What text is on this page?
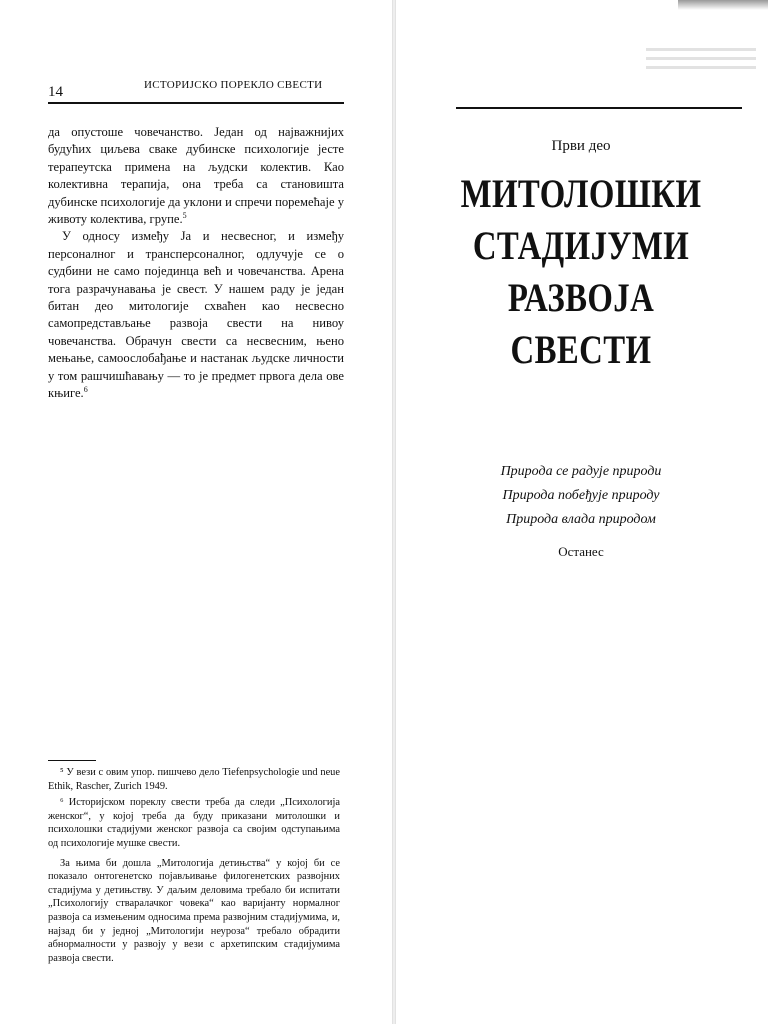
14	ИСТОРИЈСКО ПОРЕКЛО СВЕСТИ

да опустоше човечанство. Један од најважнијих будућих циљева сваке дубинске психологије јесте терапеутска примена на људски колектив. Као колективна терапија, она треба са становишта дубинске психологије да уклони и спречи поремећаје у животу колектива, групе.$^5$

У односу између Ја и несвесног, и између персоналног и трансперсоналног, одлучује се о судбини не само појединца већ и човечанства. Арена тога разрачунавања је свест. У нашем раду је један битан део митологије схваћен као несвесно самопредстављање развоја свести на нивоу човечанства. Обрачун свести са несвесним, њено мењање, самоослобађање и настанак људске личности у том рашчишћавању — то је предмет првога дела ове књиге.$^6$

⁵ У вези с овим упор. пишчево дело Tiefenpsychologie und neue Ethik, Rascher, Zurich 1949.

⁶ Историјском пореклу свести треба да следи „Психологија женског“, у којој треба да буду приказани митолошки и психолошки стадијуми женског развоја са својим одступањима од психологије мушке свести.

За њима би дошла „Митологија детињства“ у којој би се показало онтогенетско појављивање филогенетских развојних стадијума у детињству. У даљим деловима требало би испитати „Психологију стваралачког човека“ као варијанту нормалног развоја са измењеним односима према развојним стадијумима, и, најзад би у једној „Митологији неуроза“ требало обрадити абнормалности у развоју у вези с архетипским стадијумима развоја свести.

Први део
МИТОЛОШКИ
СТАДИЈУМИ
РАЗВОЈА
СВЕСТИ
Природа се радује природи
Природа побеђује природу
Природа влада природом
Останес
